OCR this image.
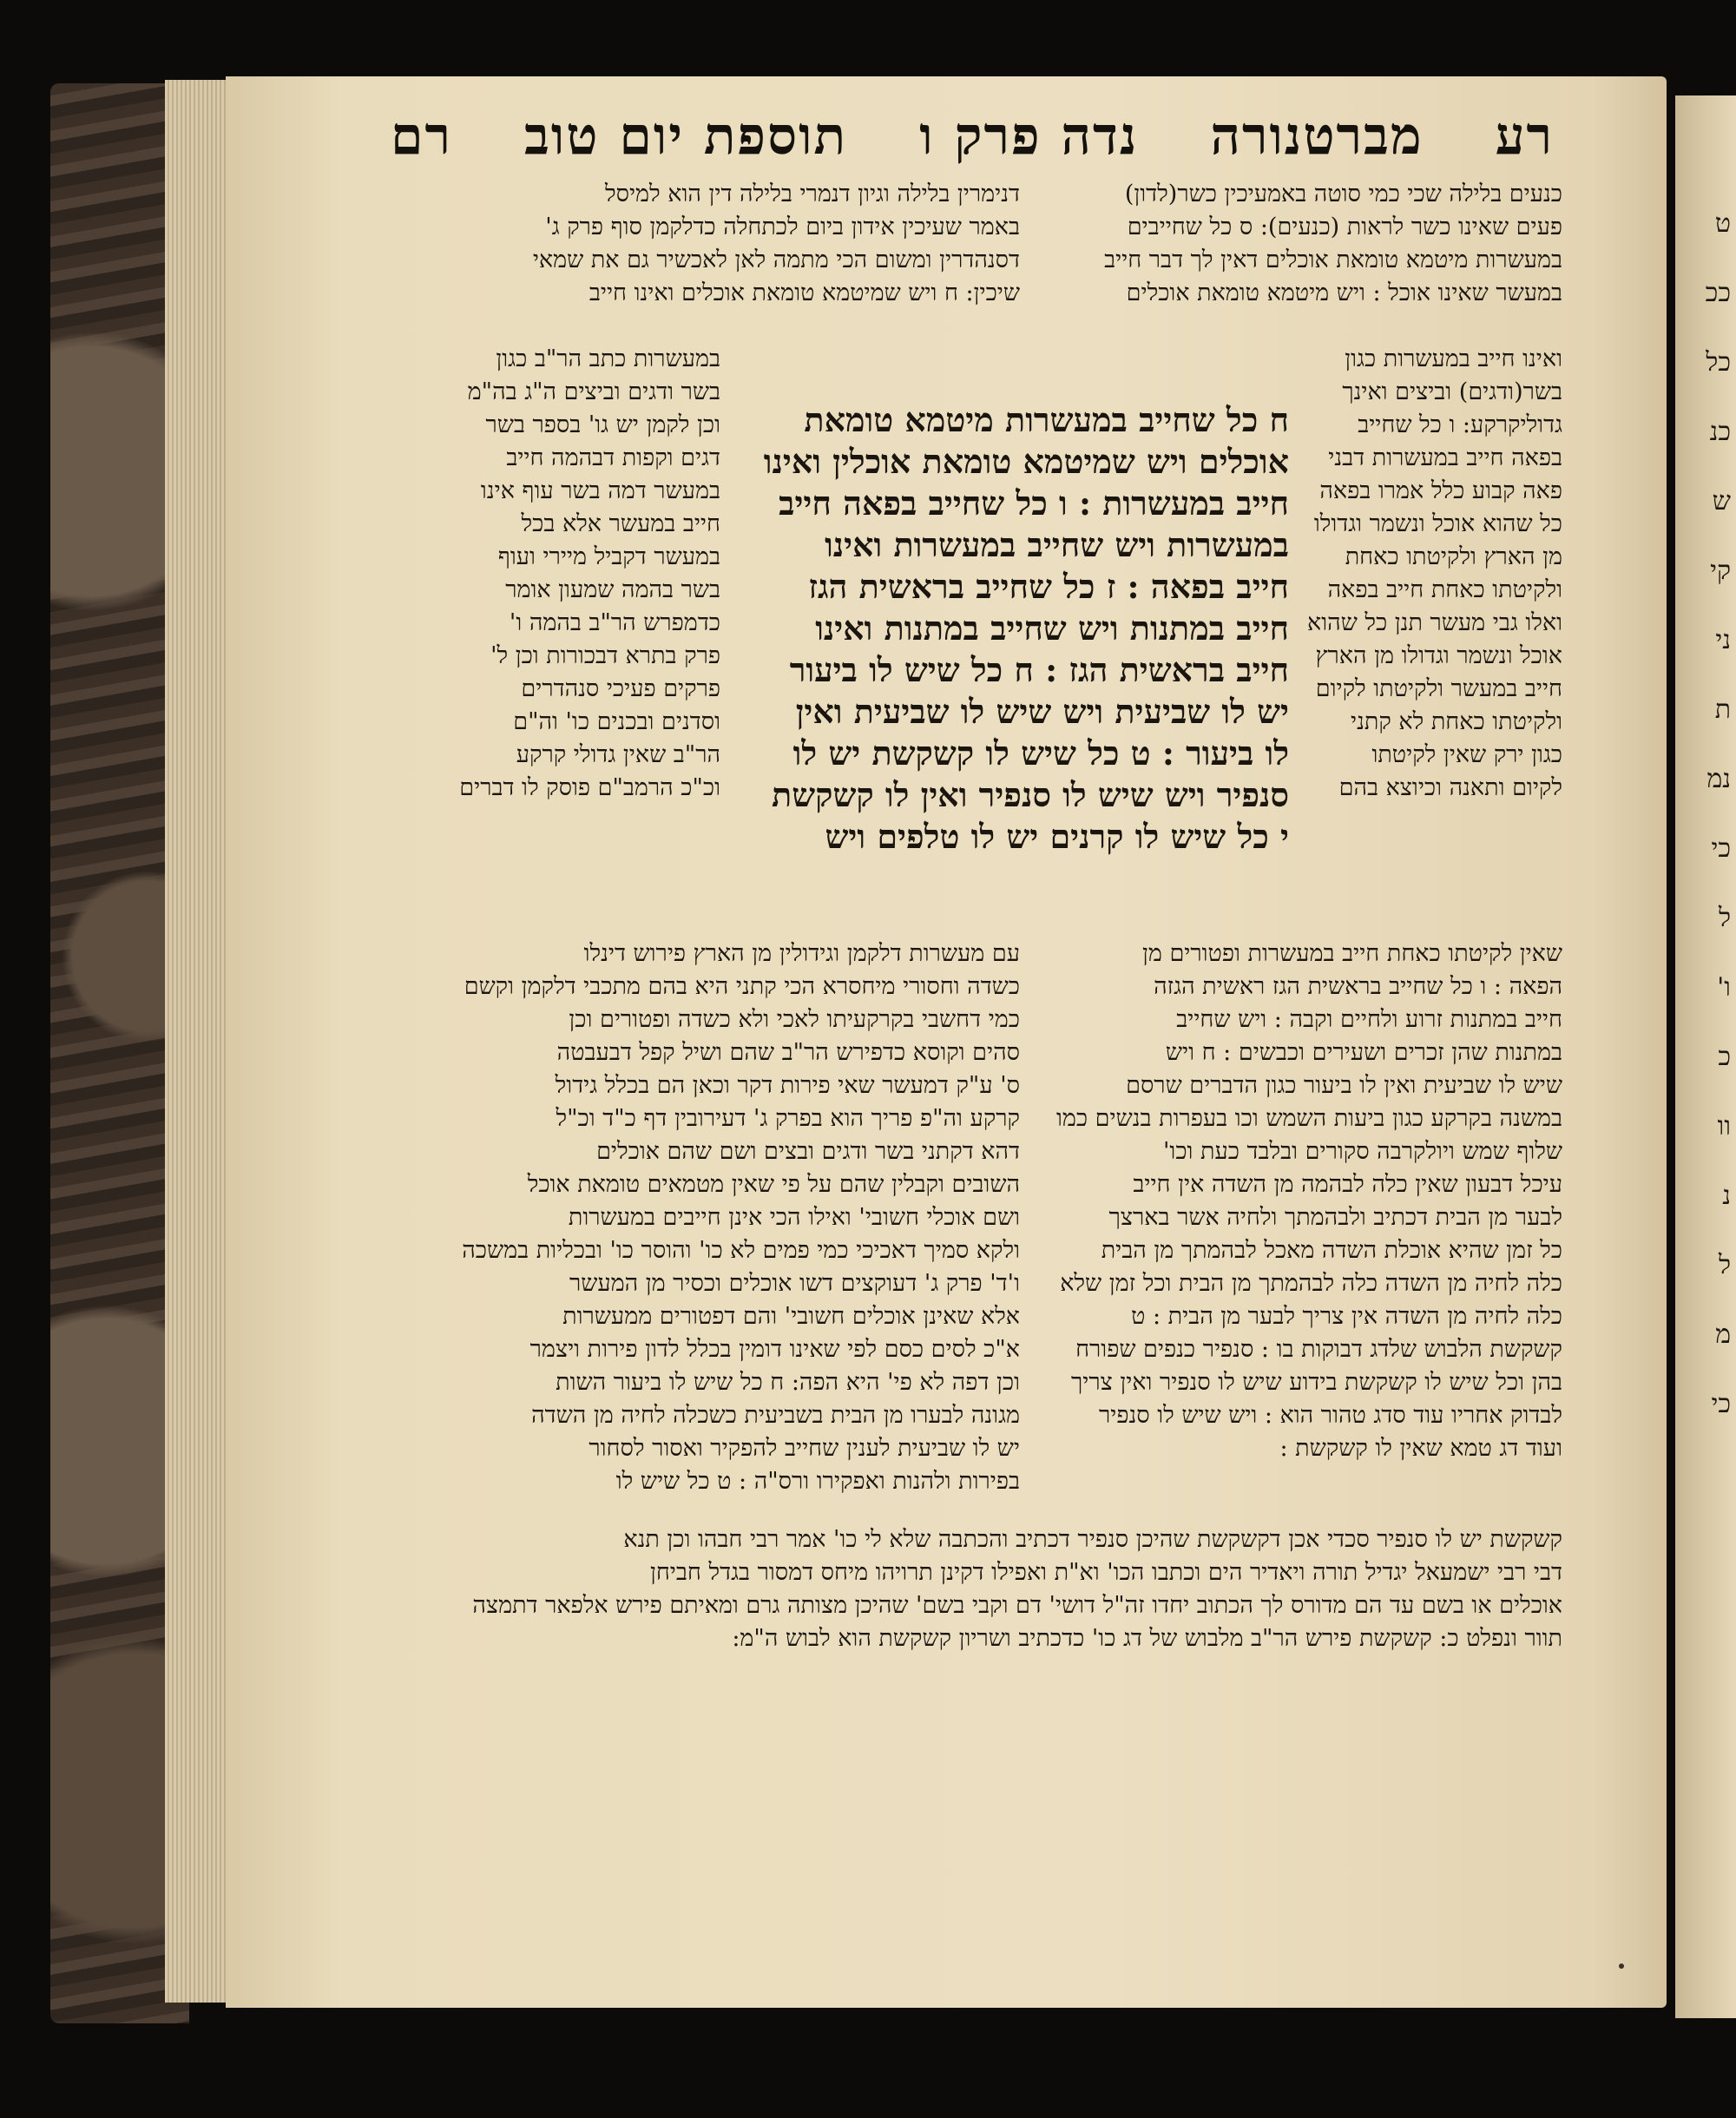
ט
ככ
כל
כנ
ש
קי
ני
ת
נמ
כי
ל
ו'
כ
וו
נ
ל
מ
כי
רע
מברטנורה
נדה פרק ו
תוספת יום טוב
רם
כנעים בלילה שכי כמי סוטה באמעיכין כשר(לדון)
פעים שאינו כשר לראות (כנעים): ס כל שחייבים
במעשרות מיטמא טומאת אוכלים דאין לך דבר חייב
במעשר שאינו אוכל : ויש מיטמא טומאת אוכלים
ואינו חייב במעשרות כגון
בשר(ודגים) וביצים ואינך
גדוליקרקע: ו כל שחייב
בפאה חייב במעשרות דבני
פאה קבוע כלל אמרו בפאה
כל שהוא אוכל ונשמר וגדולו
מן הארץ ולקיטתו כאחת
ולקיטתו כאחת חייב בפאה
ואלו גבי מעשר תנן כל שהוא
אוכל ונשמר וגדולו מן הארץ
חייב במעשר ולקיטתו לקיום
ולקיטתו כאחת לא קתני
כגון ירק שאין לקיטתו
לקיום ותאנה וכיוצא בהם
דנימרין בלילה וגיון דנמרי בלילה דין הוא למיסל
באמר שעיכין אידון ביום לכתחלה כדלקמן סוף פרק ג'
דסנהדרין ומשום הכי מתמה לאן לאכשיר גם את שמאי
שיכין: ח ויש שמיטמא טומאת אוכלים ואינו חייב
במעשרות כתב הר"ב כגון
בשר ודגים וביצים ה"ג בה"מ
וכן לקמן יש גו' בספר בשר
דגים וקפות דבהמה חייב
במעשר דמה בשר עוף אינו
חייב במעשר אלא בכל
במעשר דקביל מיירי ועוף
בשר בהמה שמעון אומר
כדמפרש הר"ב בהמה ו'
פרק בתרא דבכורות וכן ל'
פרקים פעיכי סנהדרים
וסדנים ובכנים כו' וה"ם
הר"ב שאין גדולי קרקע
וכ"כ הרמב"ם פוסק לו דברים
ח כל שחייב במעשרות מיטמא טומאת
אוכלים ויש שמיטמא טומאת אוכלין ואינו
חייב במעשרות : ו כל שחייב בפאה חייב
במעשרות ויש שחייב במעשרות ואינו
חייב בפאה : ז כל שחייב בראשית הגז
חייב במתנות ויש שחייב במתנות ואינו
חייב בראשית הגז : ח כל שיש לו ביעור
יש לו שביעית ויש שיש לו שביעית ואין
לו ביעור : ט כל שיש לו קשקשת יש לו
סנפיר ויש שיש לו סנפיר ואין לו קשקשת
י כל שיש לו קרנים יש לו טלפים ויש
שאין לקיטתו כאחת חייב במעשרות ופטורים מן
הפאה : ו כל שחייב בראשית הגז ראשית הגזה
חייב במתנות זרוע ולחיים וקבה : ויש שחייב
במתנות שהן זכרים ושעירים וכבשים : ח ויש
שיש לו שביעית ואין לו ביעור כגון הדברים שרסם
במשנה בקרקע כגון ביעות השמש וכו בעפרות בנשים כמו
שלוף שמש ויולקרבה סקורים ובלבד כעת וכו'
עיכל דבעון שאין כלה לבהמה מן השדה אין חייב
לבער מן הבית דכתיב ולבהמתך ולחיה אשר בארצך
כל זמן שהיא אוכלת השדה מאכל לבהמתך מן הבית
כלה לחיה מן השדה כלה לבהמתך מן הבית וכל זמן שלא
כלה לחיה מן השדה אין צריך לבער מן הבית : ט
קשקשת הלבוש שלדג דבוקות בו : סנפיר כנפים שפורח
בהן וכל שיש לו קשקשת בידוע שיש לו סנפיר ואין צריך
לבדוק אחריו עוד סדג טהור הוא : ויש שיש לו סנפיר
ועוד דג טמא שאין לו קשקשת :
עם מעשרות דלקמן וגידולין מן הארץ פירוש דינלו
כשדה וחסורי מיחסרא הכי קתני היא בהם מתכבי דלקמן וקשם
כמי דחשבי בקרקעיתו לאכי ולא כשדה ופטורים וכן
סהים וקוסא כדפירש הר"ב שהם ושיל קפל דבעבטה
ס' ע"ק דמעשר שאי פירות דקר וכאן הם בכלל גידול
קרקע וה"פ פריך הוא בפרק ג' דעירובין דף כ"ד וכ"ל
דהא דקתני בשר ודגים ובצים ושם שהם אוכלים
השובים וקבלין שהם על פי שאין מטמאים טומאת אוכל
ושם אוכלי חשובי' ואילו הכי אינן חייבים במעשרות
ולקא סמיך דאכיכי כמי פמים לא כו' והוסר כו' ובכליות במשכה
ו'ד' פרק ג' דעוקצים דשו אוכלים וכסיר מן המעשר
אלא שאינן אוכלים חשובי' והם דפטורים ממעשרות
א"כ לסים כסם לפי שאינו דומין בכלל לדון פירות ויצמר
וכן דפה לא פי' היא הפה: ח כל שיש לו ביעור השות
מגונה לבערו מן הבית בשביעית כשכלה לחיה מן השדה
יש לו שביעית לענין שחייב להפקיר ואסור לסחור
בפירות ולהנות ואפקירו ורס"ה : ט כל שיש לו
קשקשת יש לו סנפיר סכדי אכן דקשקשת שהיכן סנפיר דכתיב והכתבה שלא לי כו' אמר רבי חבהו וכן תנא
דבי רבי ישמעאל יגדיל תורה ויאדיר הים וכתבו הכו' וא"ת ואפילו דקינן תרויהו מיחס דמסור בגדל חביחן
אוכלים או בשם עד הם מדורס לך הכתוב יחדו זה"ל דושי' דם וקבי בשם' שהיכן מצותה גרם ומאיתם פירש אלפאר דתמצה
תוור ונפלט כ: קשקשת פירש הר"ב מלבוש של דג כו' כדכתיב ושריון קשקשת הוא לבוש ה"מ:
